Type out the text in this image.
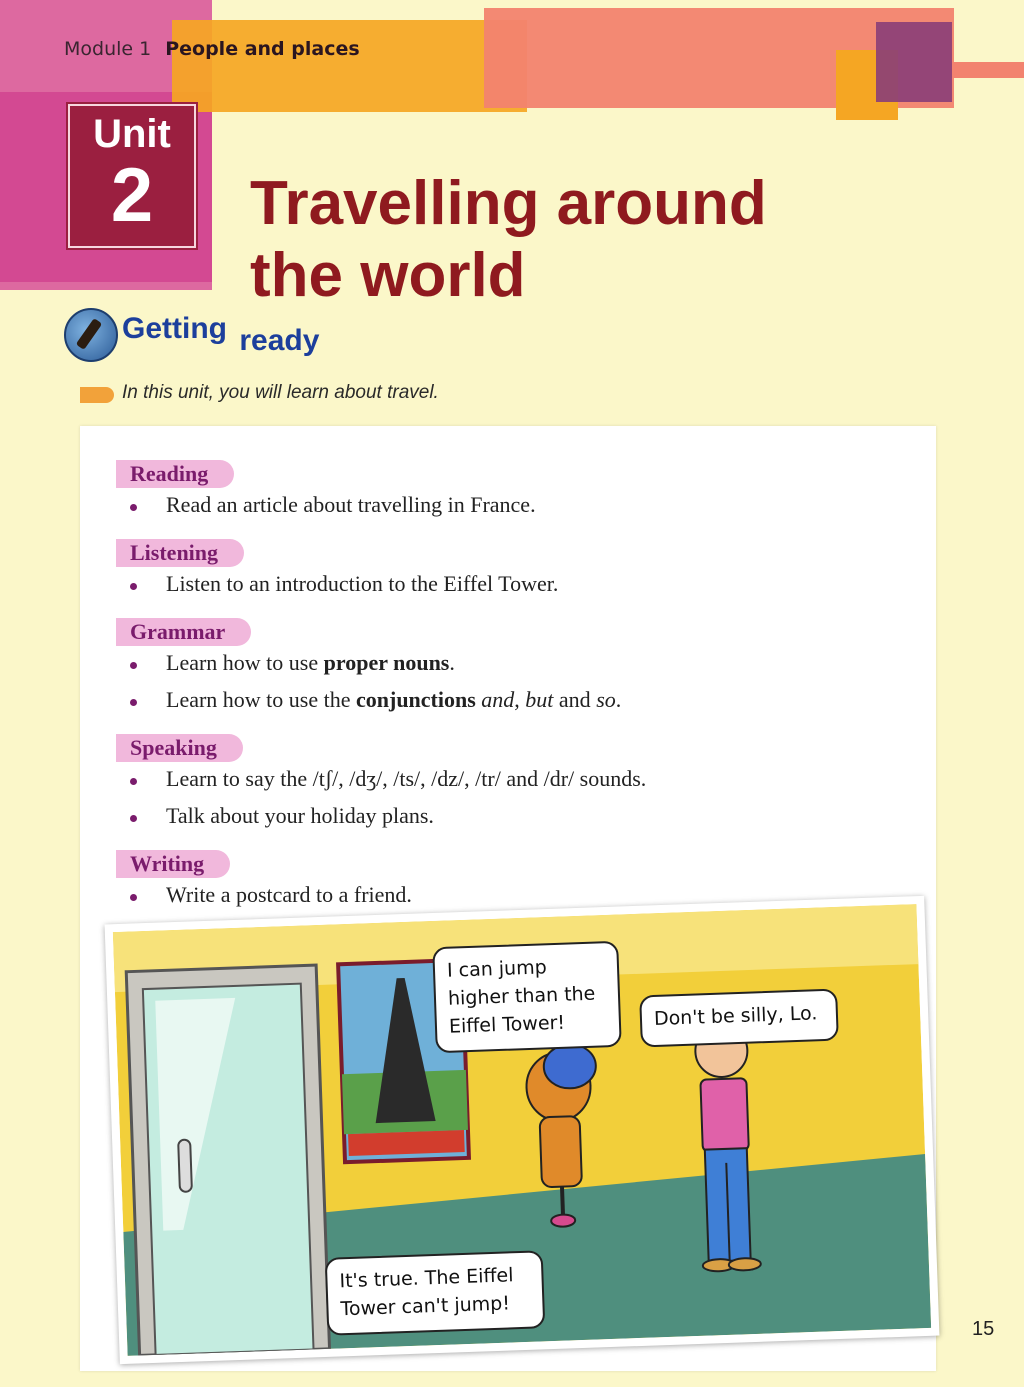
Module 1 People and places
Unit
2	Travelling around
the world
Getting ready
In this unit, you will learn about travel.
Reading
Read an article about travelling in France.
Listening
Listen to an introduction to the Eiffel Tower.
Grammar
Learn how to use proper nouns.
Learn how to use the conjunctions and, but and so.
Speaking
Learn to say the /tʃ/, /dʒ/, /ts/, /dz/, /tr/ and /dr/ sounds.
Talk about your holiday plans.
Writing
Write a postcard to a friend.
I can jump higher than the Eiffel Tower!	Don't be silly, Lo.
It's true. The Eiffel Tower can't jump!
15
